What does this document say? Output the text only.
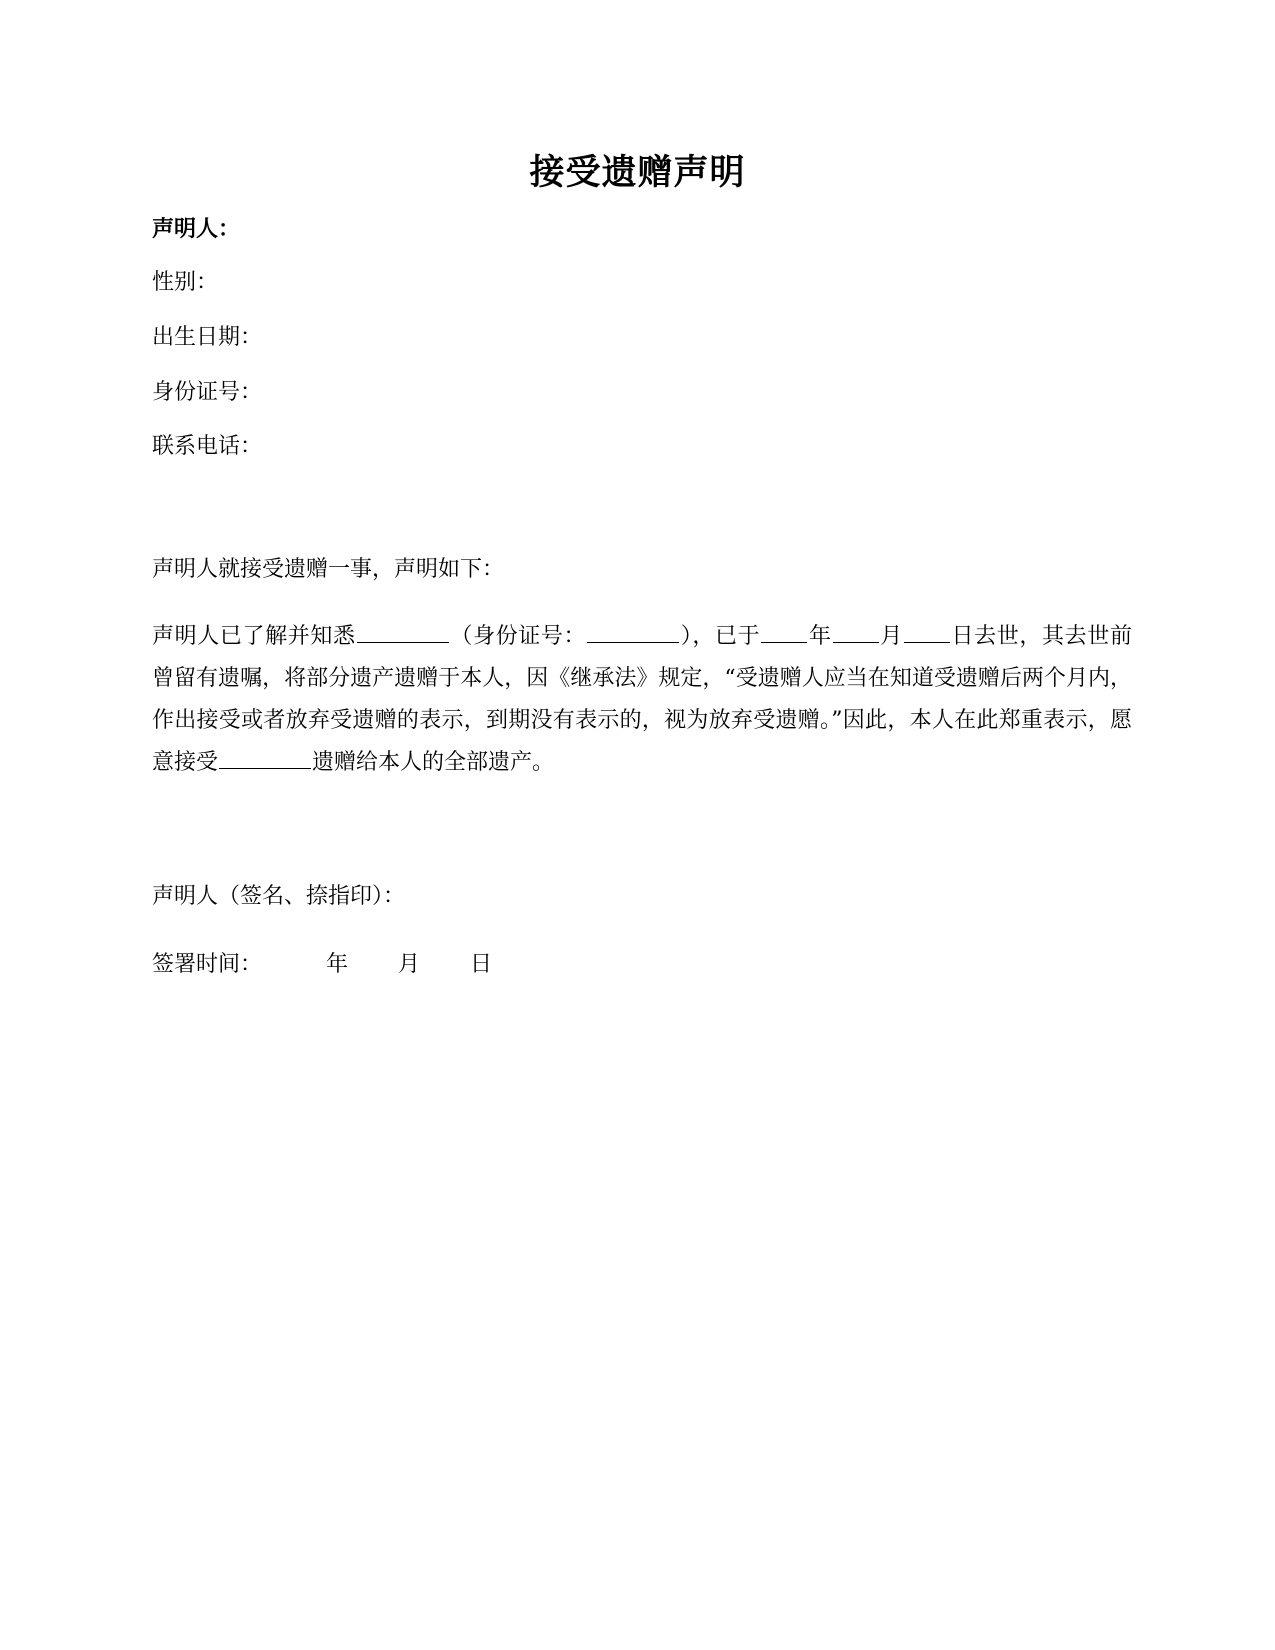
接受遗赠声明
声明人：
性别：
出生日期：
身份证号：
联系电话：
声明人就接受遗赠一事，声明如下：
声明人已了解并知悉	（身份证号：	），已于 年 月 日去世，其去世前曾留有遗嘱，将部分遗产遗赠于本人，因《继承法》规定，“受遗赠人应当在知道受遗赠后两个月内，作出接受或者放弃受遗赠的表示，到期没有表示的，视为放弃受遗赠。”因此，本人在此郑重表示，愿意接受	遗赠给本人的全部遗产。
声明人（签名、捺指印）：
签署时间：	年 月 日
